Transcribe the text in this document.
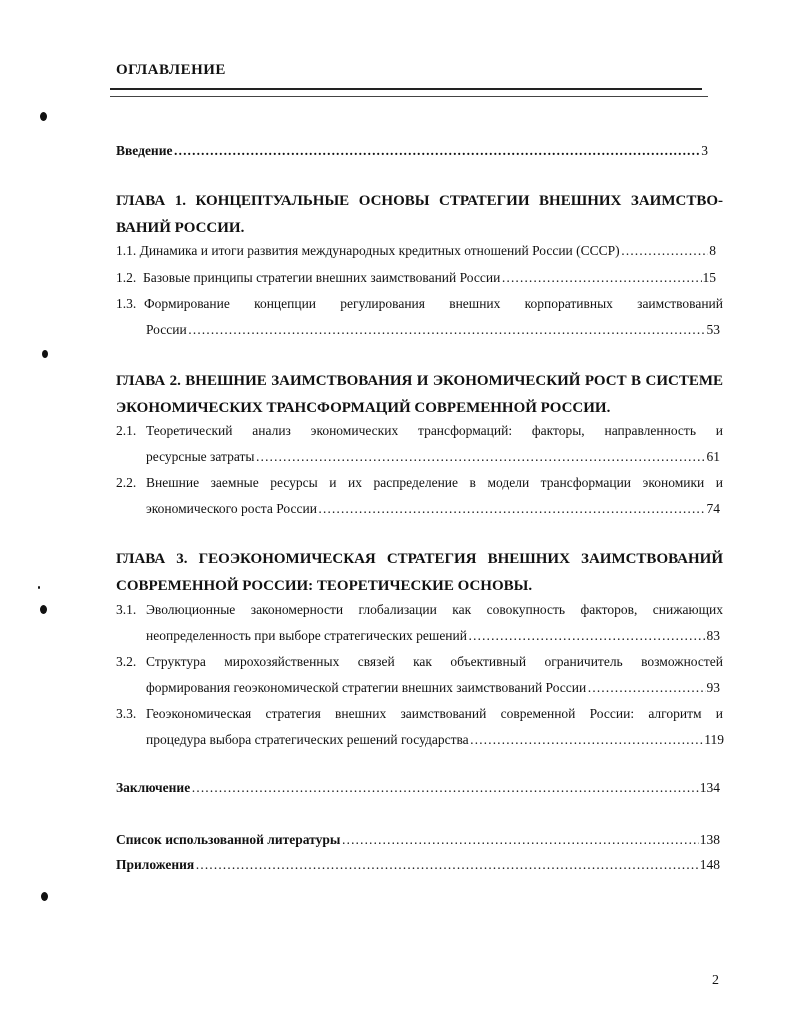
ОГЛАВЛЕНИЕ
Введение ………………………………………………………………………………………………………………………………………………………………………………………………	3
ГЛАВА 1. КОНЦЕПТУАЛЬНЫЕ ОСНОВЫ СТРАТЕГИИ ВНЕШНИХ ЗАИМСТВО-
ВАНИЙ РОССИИ.
1.1. Динамика и итоги развития международных кредитных отношений России (СССР) ………………………………………………………………………………………………………………………………………………………………………………………………	8
1.2. Базовые принципы стратегии внешних заимствований России ………………………………………………………………………………………………………………………………………………………………………………………………	15
1.3. Формирование концепции регулирования внешних корпоративных заимствований
России ………………………………………………………………………………………………………………………………………………………………………………………………	53
ГЛАВА 2. ВНЕШНИЕ ЗАИМСТВОВАНИЯ И ЭКОНОМИЧЕСКИЙ РОСТ В СИСТЕМЕ
ЭКОНОМИЧЕСКИХ ТРАНСФОРМАЦИЙ СОВРЕМЕННОЙ РОССИИ.
2.1. Теоретический анализ экономических трансформаций: факторы, направленность и
ресурсные затраты ………………………………………………………………………………………………………………………………………………………………………………………………	61
2.2. Внешние заемные ресурсы и их распределение в модели трансформации экономики и
экономического роста России ………………………………………………………………………………………………………………………………………………………………………………………………	74
ГЛАВА 3. ГЕОЭКОНОМИЧЕСКАЯ СТРАТЕГИЯ ВНЕШНИХ ЗАИМСТВОВАНИЙ
СОВРЕМЕННОЙ РОССИИ: ТЕОРЕТИЧЕСКИЕ ОСНОВЫ.
3.1. Эволюционные закономерности глобализации как совокупность факторов, снижающих
неопределенность при выборе стратегических решений ………………………………………………………………………………………………………………………………………………………………………………………………	83
3.2. Структура мирохозяйственных связей как объективный ограничитель возможностей
формирования геоэкономической стратегии внешних заимствований России ………………………………………………………………………………………………………………………………………………………………………………………………	93
3.3. Геоэкономическая стратегия внешних заимствований современной России: алгоритм и
процедура выбора стратегических решений государства ………………………………………………………………………………………………………………………………………………………………………………………………	119
Заключение ………………………………………………………………………………………………………………………………………………………………………………………………	134
Список использованной литературы ………………………………………………………………………………………………………………………………………………………………………………………………	138
Приложения ………………………………………………………………………………………………………………………………………………………………………………………………	148
2
